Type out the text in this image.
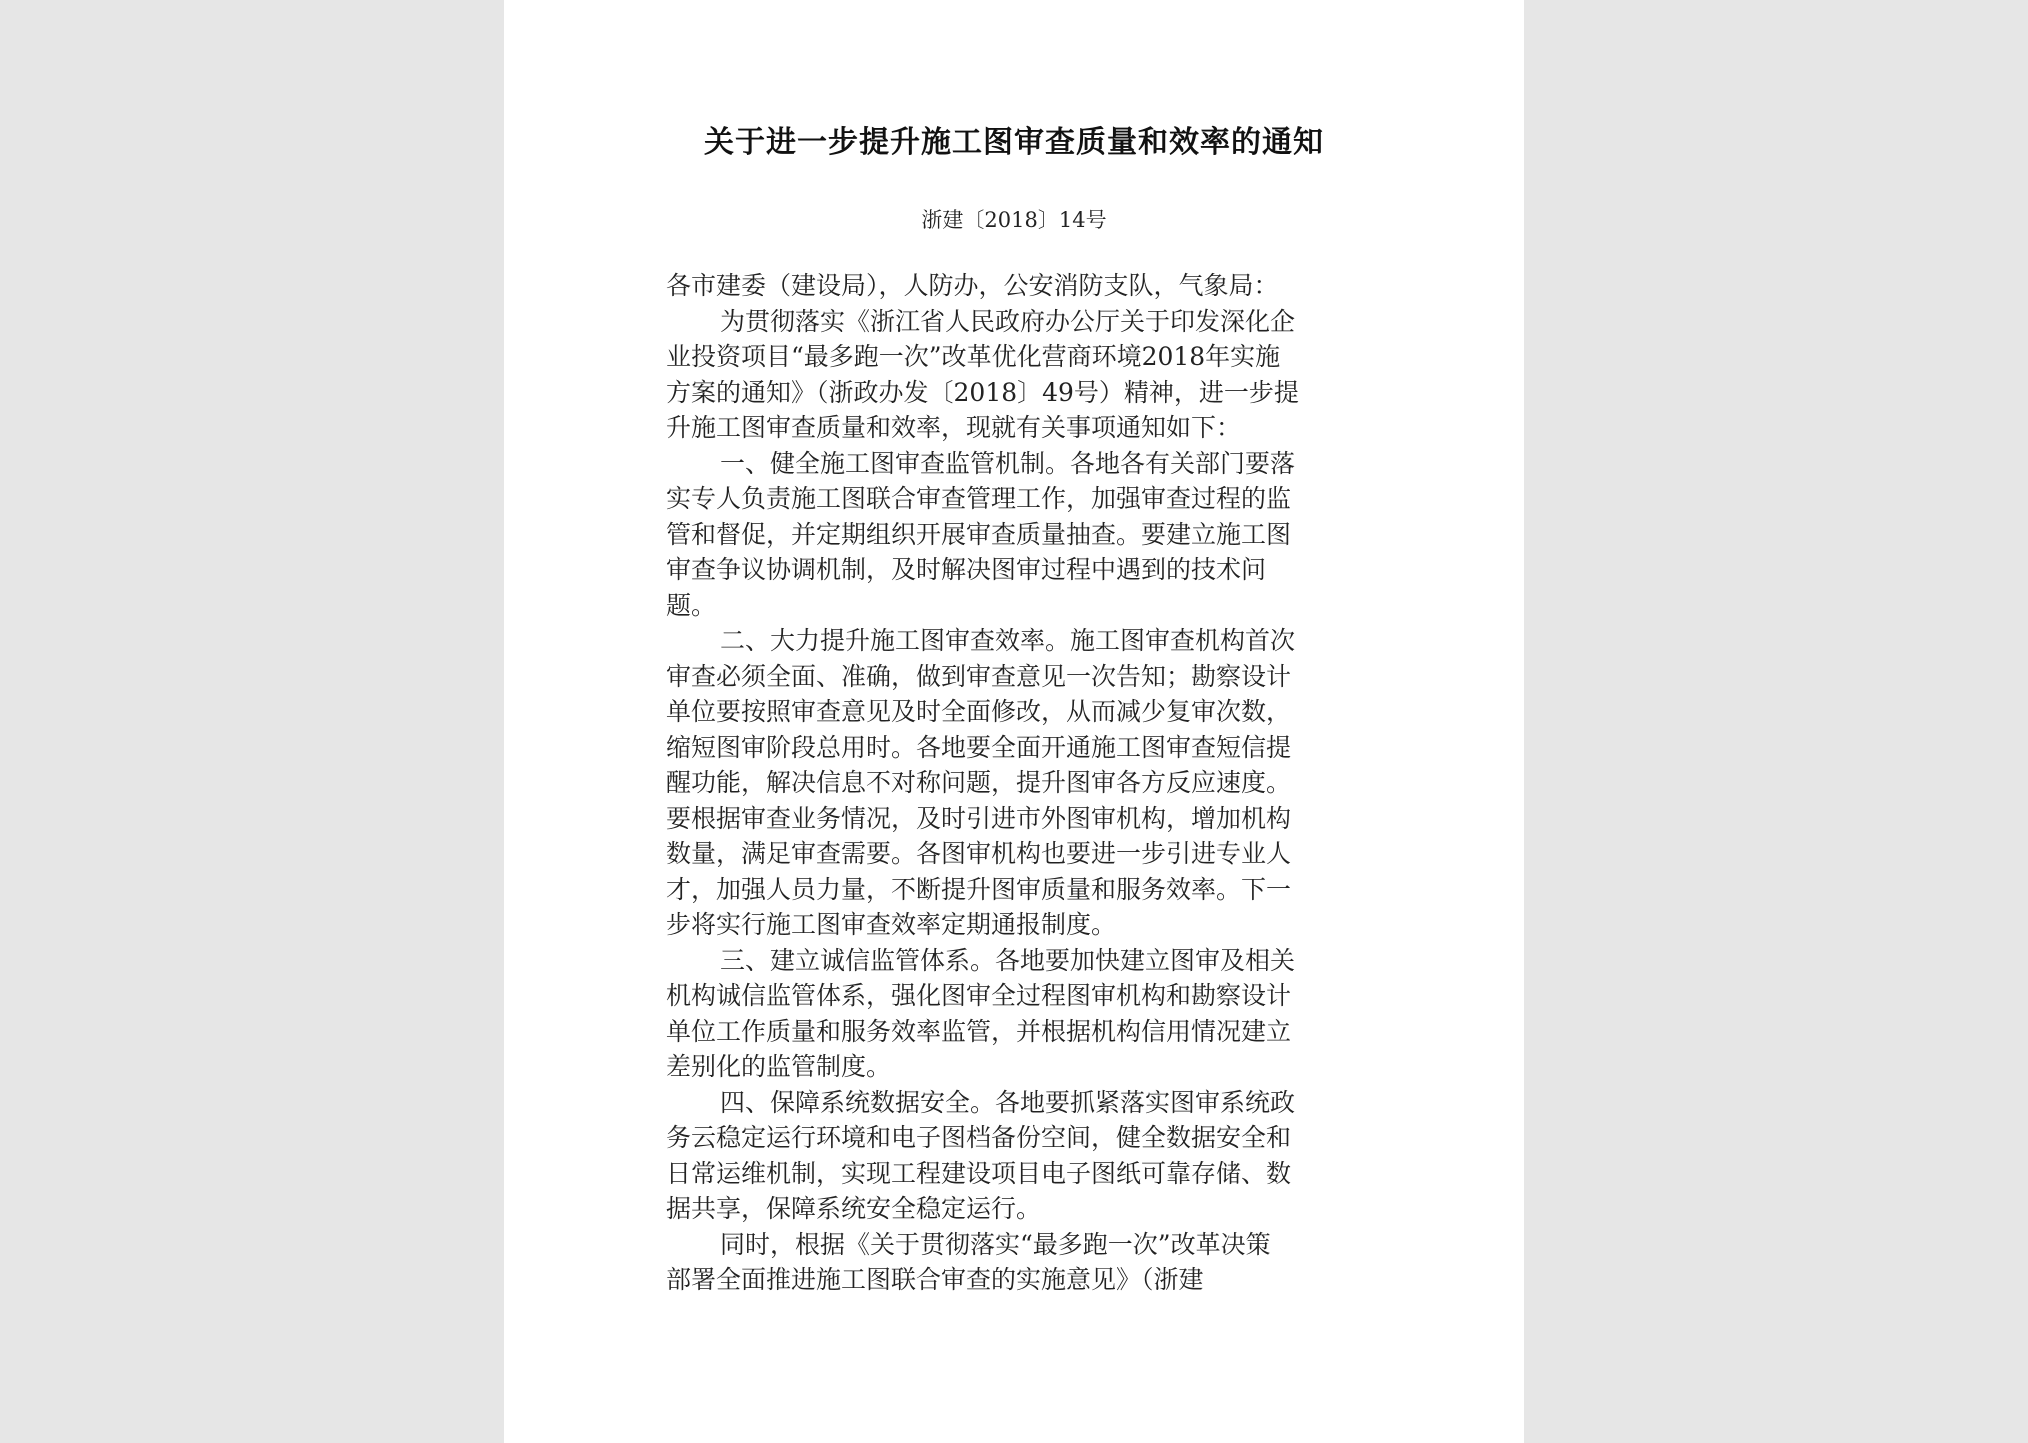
关于进一步提升施工图审查质量和效率的通知
浙建〔2018〕14号
各市建委（建设局），人防办，公安消防支队，气象局：
为贯彻落实《浙江省人民政府办公厅关于印发深化企
业投资项目“最多跑一次”改革优化营商环境2018年实施
方案的通知》（浙政办发〔2018〕49号）精神，进一步提
升施工图审查质量和效率，现就有关事项通知如下：
一、健全施工图审查监管机制。各地各有关部门要落
实专人负责施工图联合审查管理工作，加强审查过程的监
管和督促，并定期组织开展审查质量抽查。要建立施工图
审查争议协调机制，及时解决图审过程中遇到的技术问
题。
二、大力提升施工图审查效率。施工图审查机构首次
审查必须全面、准确，做到审查意见一次告知；勘察设计
单位要按照审查意见及时全面修改，从而减少复审次数，
缩短图审阶段总用时。各地要全面开通施工图审查短信提
醒功能，解决信息不对称问题，提升图审各方反应速度。
要根据审查业务情况，及时引进市外图审机构，增加机构
数量，满足审查需要。各图审机构也要进一步引进专业人
才，加强人员力量，不断提升图审质量和服务效率。下一
步将实行施工图审查效率定期通报制度。
三、建立诚信监管体系。各地要加快建立图审及相关
机构诚信监管体系，强化图审全过程图审机构和勘察设计
单位工作质量和服务效率监管，并根据机构信用情况建立
差别化的监管制度。
四、保障系统数据安全。各地要抓紧落实图审系统政
务云稳定运行环境和电子图档备份空间，健全数据安全和
日常运维机制，实现工程建设项目电子图纸可靠存储、数
据共享，保障系统安全稳定运行。
同时，根据《关于贯彻落实“最多跑一次”改革决策
部署全面推进施工图联合审查的实施意见》（浙建
